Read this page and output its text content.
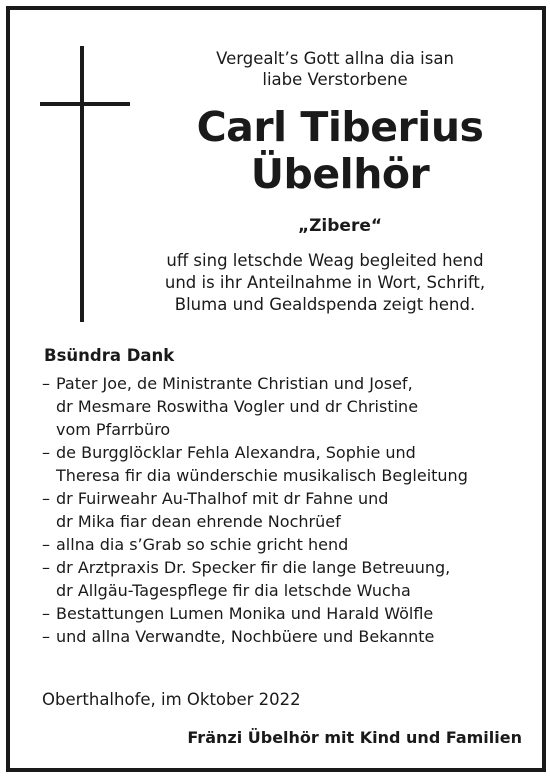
Vergealt’s Gott allna dia isan
liabe Verstorbene
Carl Tiberius
Übelhör
„Zibere“
uff sing letschde Weag begleited hend
und is ihr Anteilnahme in Wort, Schrift,
Bluma und Gealdspenda zeigt hend.
Bsündra Dank
– Pater Joe, de Ministrante Christian und Josef,
dr Mesmare Roswitha Vogler und dr Christine
vom Pfarrbüro
– de Burgglöcklar Fehla Alexandra, Sophie und
Theresa fir dia wünderschie musikalisch Begleitung
– dr Fuirweahr Au-Thalhof mit dr Fahne und
dr Mika fiar dean ehrende Nochrüef
– allna dia s’Grab so schie gricht hend
– dr Arztpraxis Dr. Specker fir die lange Betreuung,
dr Allgäu-Tagespflege fir dia letschde Wucha
– Bestattungen Lumen Monika und Harald Wölfle
– und allna Verwandte, Nochbüere und Bekannte
Oberthalhofe, im Oktober 2022
Fränzi Übelhör mit Kind und Familien
